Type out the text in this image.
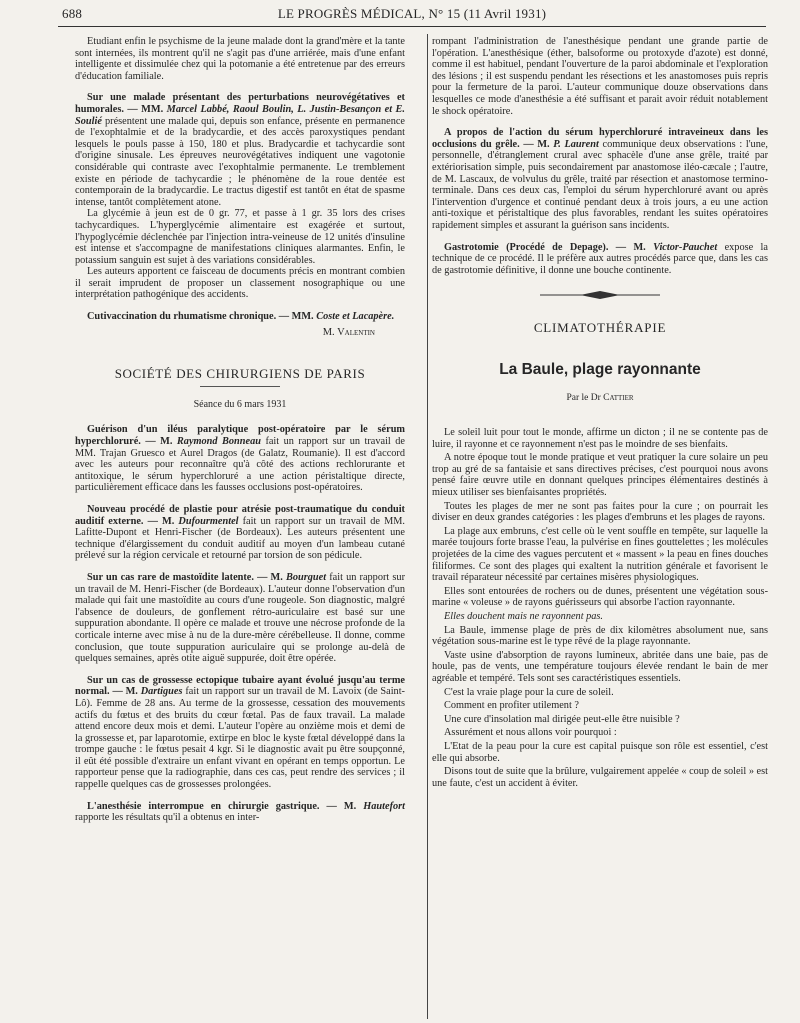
688	LE PROGRÈS MÉDICAL, N° 15 (11 Avril 1931)

Etudiant enfin le psychisme de la jeune malade dont la grand'mère et la tante sont internées, ils montrent qu'il ne s'agit pas d'une arriérée, mais d'une enfant intelligente et dissimulée chez qui la potomanie a été entretenue par des erreurs d'éducation familiale.

Sur une malade présentant des perturbations neurovégétatives et humorales. — MM. Marcel Labbé, Raoul Boulin, L. Justin-Besançon et E. Soulié présentent une malade qui, depuis son enfance, présente en permanence de l'exophtalmie et de la bradycardie, et des accès paroxystiques pendant lesquels le pouls passe à 150, 180 et plus. Bradycardie et tachycardie sont d'origine sinusale. Les épreuves neurovégétatives indiquent une vagotonie considérable qui contraste avec l'exophtalmie permanente. Le tremblement existe en période de tachycardie ; le phénomène de la roue dentée est contemporain de la bradycardie. Le tractus digestif est tantôt en état de spasme intense, tantôt complètement atone.

La glycémie à jeun est de 0 gr. 77, et passe à 1 gr. 35 lors des crises tachycardiques. L'hyperglycémie alimentaire est exagérée et surtout, l'hypoglycémie déclenchée par l'injection intra-veineuse de 12 unités d'insuline est intense et s'accompagne de manifestations cliniques alarmantes. Enfin, le potassium sanguin est sujet à des variations considérables.

Les auteurs apportent ce faisceau de documents précis en montrant combien il serait imprudent de proposer un classement nosographique ou une interprétation pathogénique des accidents.

Cutivaccination du rhumatisme chronique. — MM. Coste et Lacapère.

M. Valentin
SOCIÉTÉ DES CHIRURGIENS DE PARIS
Séance du 6 mars 1931

Guérison d'un iléus paralytique post-opératoire par le sérum hyperchloruré. — M. Raymond Bonneau fait un rapport sur un travail de MM. Trajan Gruesco et Aurel Dragos (de Galatz, Roumanie). Il est d'accord avec les auteurs pour reconnaître qu'à côté des actions rechlorurante et antitoxique, le sérum hyperchloruré a une action péristaltique directe, particulièrement efficace dans les fausses occlusions post-opératoires.

Nouveau procédé de plastie pour atrésie post-traumatique du conduit auditif externe. — M. Dufourmentel fait un rapport sur un travail de MM. Lafitte-Dupont et Henri-Fischer (de Bordeaux). Les auteurs présentent une technique d'élargissement du conduit auditif au moyen d'un lambeau cutané prélevé sur la région cervicale et retourné par torsion de son pédicule.

Sur un cas rare de mastoïdite latente. — M. Bourguet fait un rapport sur un travail de M. Henri-Fischer (de Bordeaux). L'auteur donne l'observation d'un malade qui fait une mastoïdite au cours d'une rougeole. Son diagnostic, malgré l'absence de douleurs, de gonflement rétro-auriculaire est basé sur une suppuration abondante. Il opère ce malade et trouve une nécrose profonde de la corticale interne avec mise à nu de la dure-mère cérébelleuse. Il donne, comme conclusion, que toute suppuration auriculaire qui se prolonge au-delà de quelques semaines, après otite aiguë suppurée, doit être opérée.

Sur un cas de grossesse ectopique tubaire ayant évolué jusqu'au terme normal. — M. Dartigues fait un rapport sur un travail de M. Lavoix (de Saint-Lô). Femme de 28 ans. Au terme de la grossesse, cessation des mouvements actifs du fœtus et des bruits du cœur fœtal. Pas de faux travail. La malade attend encore deux mois et demi. L'auteur l'opère au onzième mois et demi de la grossesse et, par laparotomie, extirpe en bloc le kyste fœtal développé dans la trompe gauche : le fœtus pesait 4 kgr. Si le diagnostic avait pu être soupçonné, il eût été possible d'extraire un enfant vivant en opérant en temps opportun. Le rapporteur pense que la radiographie, dans ces cas, peut rendre des services ; il rappelle quelques cas de grossesses prolongées.

L'anesthésie interrompue en chirurgie gastrique. — M. Hautefort rapporte les résultats qu'il a obtenus en inter-

rompant l'administration de l'anesthésique pendant une grande partie de l'opération. L'anesthésique (éther, balsoforme ou protoxyde d'azote) est donné, comme il est habituel, pendant l'ouverture de la paroi abdominale et l'exploration des lésions ; il est suspendu pendant les résections et les anastomoses puis repris pour la fermeture de la paroi. L'auteur communique douze observations dans lesquelles ce mode d'anesthésie a été suffisant et parait avoir réduit notablement le shock opératoire.

A propos de l'action du sérum hyperchloruré intraveineux dans les occlusions du grêle. — M. P. Laurent communique deux observations : l'une, personnelle, d'étranglement crural avec sphacèle d'une anse grêle, traité par extériorisation simple, puis secondairement par anastomose iléo-cæcale ; l'autre, de M. Lascaux, de volvulus du grêle, traité par résection et anastomose termino-terminale. Dans ces deux cas, l'emploi du sérum hyperchloruré avant ou après l'intervention d'urgence et continué pendant deux à trois jours, a eu une action anti-toxique et péristaltique des plus favorables, rendant les suites opératoires rapidement simples et assurant la guérison sans incidents.

Gastrotomie (Procédé de Depage). — M. Victor-Pauchet expose la technique de ce procédé. Il le préfère aux autres procédés parce que, dans les cas de gastrotomie définitive, il donne une bouche continente.

CLIMATOTHÉRAPIE
La Baule, plage rayonnante
Par le Dr Cattier

Le soleil luit pour tout le monde, affirme un dicton ; il ne se contente pas de luire, il rayonne et ce rayonnement n'est pas le moindre de ses bienfaits.

A notre époque tout le monde pratique et veut pratiquer la cure solaire un peu trop au gré de sa fantaisie et sans directives précises, c'est pourquoi nous avons pensé faire œuvre utile en donnant quelques principes élémentaires destinés à mieux utiliser ses bienfaisantes propriétés.

Toutes les plages de mer ne sont pas faites pour la cure ; on pourrait les diviser en deux grandes catégories : les plages d'embruns et les plages de rayons.

La plage aux embruns, c'est celle où le vent souffle en tempête, sur laquelle la marée toujours forte brasse l'eau, la pulvérise en fines gouttelettes ; les molécules projetées de la cime des vagues percutent et « massent » la peau en fines douches filiformes. Ce sont des plages qui exaltent la nutrition générale et favorisent le travail réparateur nécessité par certaines misères physiologiques.

Elles sont entourées de rochers ou de dunes, présentent une végétation sous-marine « voleuse » de rayons guérisseurs qui absorbe l'action rayonnante.

Elles douchent mais ne rayonnent pas.

La Baule, immense plage de près de dix kilomètres absolument nue, sans végétation sous-marine est le type rêvé de la plage rayonnante.

Vaste usine d'absorption de rayons lumineux, abritée dans une baie, pas de houle, pas de vents, une température toujours élevée rendant le bain de mer agréable et tempéré. Tels sont ses caractéristiques essentiels.

C'est la vraie plage pour la cure de soleil.

Comment en profiter utilement ?

Une cure d'insolation mal dirigée peut-elle être nuisible ?

Assurément et nous allons voir pourquoi :

L'Etat de la peau pour la cure est capital puisque son rôle est essentiel, c'est elle qui absorbe.

Disons tout de suite que la brûlure, vulgairement appelée « coup de soleil » est une faute, c'est un accident à éviter.
